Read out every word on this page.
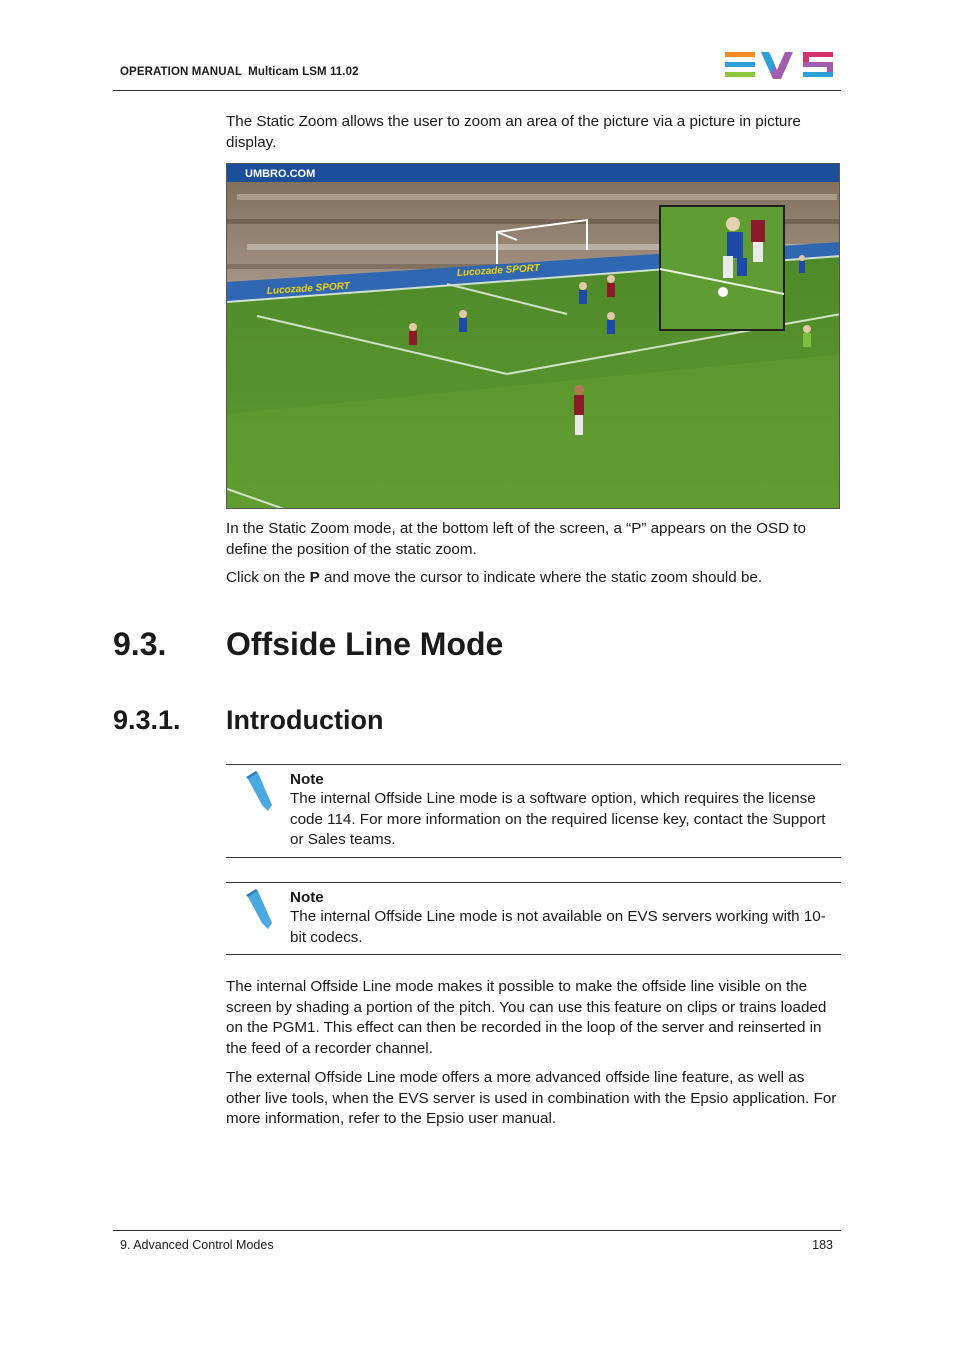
OPERATION MANUAL Multicam LSM 11.02

The Static Zoom allows the user to zoom an area of the picture via a picture in picture display.

UMBRO.COM
Lucozade SPORT
Lucozade SPORT

In the Static Zoom mode, at the bottom left of the screen, a “P” appears on the OSD to define the position of the static zoom.

Click on the P and move the cursor to indicate where the static zoom should be.

9.3. Offside Line Mode
9.3.1. Introduction
Note

The internal Offside Line mode is a software option, which requires the license code 114. For more information on the required license key, contact the Support or Sales teams.

Note

The internal Offside Line mode is not available on EVS servers working with 10-bit codecs.

The internal Offside Line mode makes it possible to make the offside line visible on the screen by shading a portion of the pitch. You can use this feature on clips or trains loaded on the PGM1. This effect can then be recorded in the loop of the server and reinserted in the feed of a recorder channel.

The external Offside Line mode offers a more advanced offside line feature, as well as other live tools, when the EVS server is used in combination with the Epsio application. For more information, refer to the Epsio user manual.

9. Advanced Control Modes	183
